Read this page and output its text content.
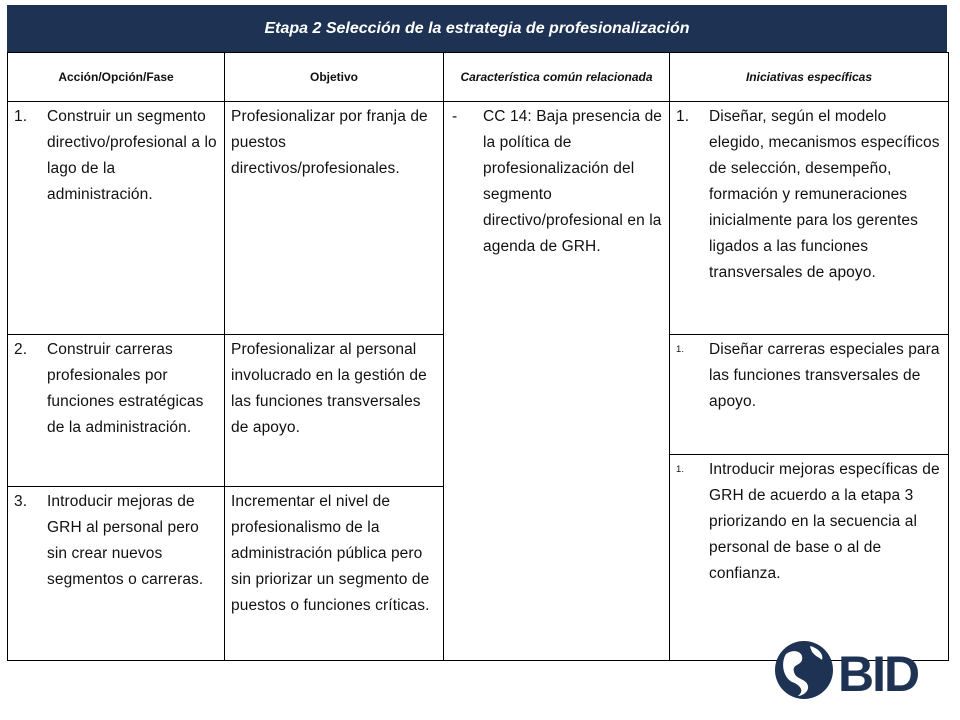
Etapa 2 Selección de la estrategia de profesionalización
Acción/Opción/Fase	Objetivo	Característica común relacionada	Iniciativas específicas

1. Construir un segmento directivo/profesional a lo lago de la administración.	Profesionalizar por franja de puestos directivos/profesionales.	- CC 14: Baja presencia de la política de profesionalización del segmento directivo/profesional en la agenda de GRH.	1. Diseñar, según el modelo elegido, mecanismos específicos de selección, desempeño, formación y remuneraciones inicialmente para los gerentes ligados a las funciones transversales de apoyo.

2. Construir carreras profesionales por funciones estratégicas de la administración.	Profesionalizar al personal involucrado en la gestión de las funciones transversales de apoyo.		1. Diseñar carreras especiales para las funciones transversales de apoyo.

			1. Introducir mejoras específicas de GRH de acuerdo a la etapa 3 priorizando en la secuencia al personal de base o al de confianza.

3. Introducir mejoras de GRH al personal pero sin crear nuevos segmentos o carreras.	Incrementar el nivel de profesionalismo de la administración pública pero sin priorizar un segmento de puestos o funciones críticas.		
BID
